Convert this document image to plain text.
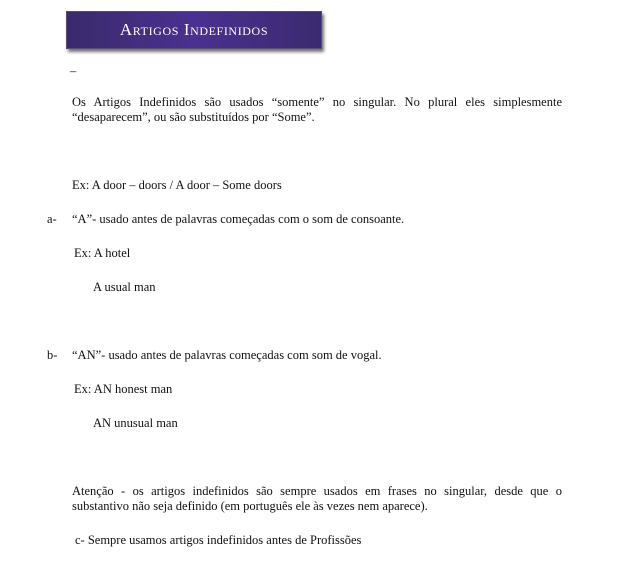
Artigos Indefinidos
–
Os Artigos Indefinidos são usados “somente” no singular. No plural eles simplesmente “desaparecem”, ou são substituídos por “Some”.
Ex: A door – doors / A door – Some doors
a- “A”- usado antes de palavras começadas com o som de consoante.
Ex: A hotel
A usual man
b- “AN”- usado antes de palavras começadas com som de vogal.
Ex: AN honest man
AN unusual man
Atenção - os artigos indefinidos são sempre usados em frases no singular, desde que o substantivo não seja definido (em português ele às vezes nem aparece).
c- Sempre usamos artigos indefinidos antes de Profissões
